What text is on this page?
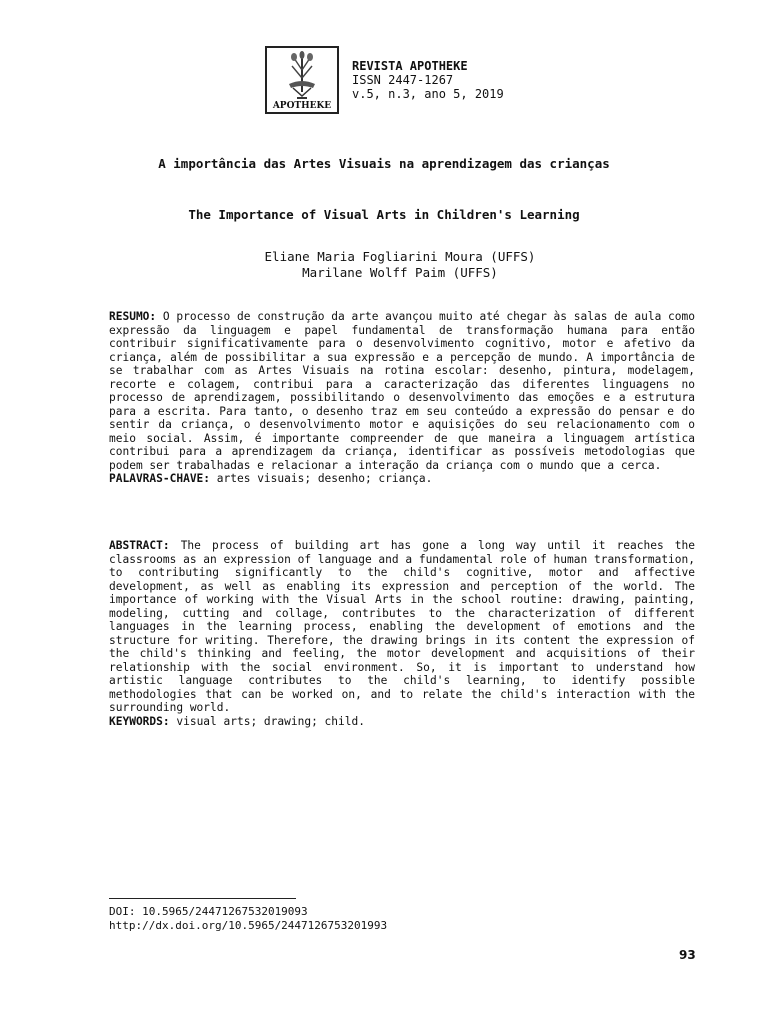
APOTHEKE
REVISTA APOTHEKE
ISSN 2447-1267
v.5, n.3, ano 5, 2019
A importância das Artes Visuais na aprendizagem das crianças
The Importance of Visual Arts in Children's Learning
Eliane Maria Fogliarini Moura (UFFS)
Marilane Wolff Paim (UFFS)
RESUMO: O processo de construção da arte avançou muito até chegar às salas de aula como expressão da linguagem e papel fundamental de transformação humana para então contribuir significativamente para o desenvolvimento cognitivo, motor e afetivo da criança, além de possibilitar a sua expressão e a percepção de mundo. A importância de se trabalhar com as Artes Visuais na rotina escolar: desenho, pintura, modelagem, recorte e colagem, contribui para a caracterização das diferentes linguagens no processo de aprendizagem, possibilitando o desenvolvimento das emoções e a estrutura para a escrita. Para tanto, o desenho traz em seu conteúdo a expressão do pensar e do sentir da criança, o desenvolvimento motor e aquisições do seu relacionamento com o meio social. Assim, é importante compreender de que maneira a linguagem artística contribui para a aprendizagem da criança, identificar as possíveis metodologias que podem ser trabalhadas e relacionar a interação da criança com o mundo que a cerca.
PALAVRAS-CHAVE: artes visuais; desenho; criança.
ABSTRACT: The process of building art has gone a long way until it reaches the classrooms as an expression of language and a fundamental role of human transformation, to contributing significantly to the child's cognitive, motor and affective development, as well as enabling its expression and perception of the world. The importance of working with the Visual Arts in the school routine: drawing, painting, modeling, cutting and collage, contributes to the characterization of different languages in the learning process, enabling the development of emotions and the structure for writing. Therefore, the drawing brings in its content the expression of the child's thinking and feeling, the motor development and acquisitions of their relationship with the social environment. So, it is important to understand how artistic language contributes to the child's learning, to identify possible methodologies that can be worked on, and to relate the child's interaction with the surrounding world.
KEYWORDS: visual arts; drawing; child.
DOI: 10.5965/24471267532019093
http://dx.doi.org/10.5965/2447126753201993
93
